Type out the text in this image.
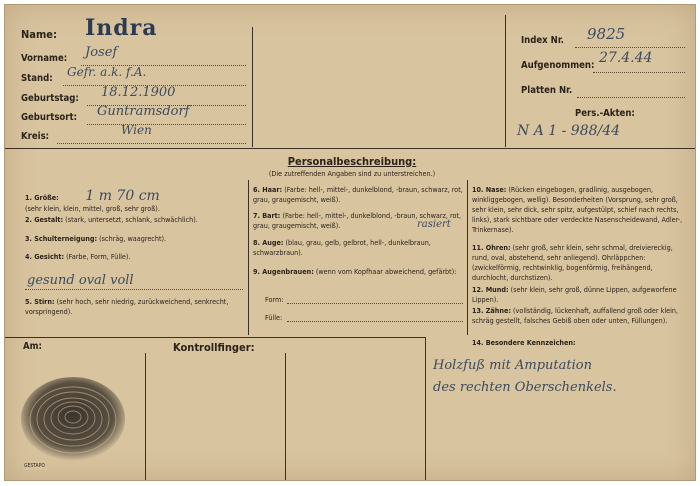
Name: Indra
Vorname: Josef
Stand: Gefr. a.k. f.A.
Geburtstag: 18.12.1900
Geburtsort: Guntramsdorf
Kreis:	Wien
Index Nr. 9825
Aufgenommen: 27.4.44
Platten Nr.
Pers.-Akten:
N A 1 - 988/44
Personalbeschreibung:
(Die zutreffenden Angaben sind zu unterstreichen.)
1. Größe: 1 m 70 cm
(sehr klein, klein, mittel, groß, sehr groß).
2. Gestalt: (stark, untersetzt, schlank, schwächlich).
3. Schulterneigung: (schräg, waagrecht).
4. Gesicht: (Farbe, Form, Fülle).
gesund oval voll
5. Stirn: (sehr hoch, sehr niedrig, zurückweichend, senkrecht, vorspringend).
6. Haar: (Farbe: hell-, mittel-, dunkelblond, -braun, schwarz, rot, grau, graugemischt, weiß).
7. Bart: (Farbe: hell-, mittel-, dunkelblond, -braun, schwarz, rot, grau, graugemischt, weiß).	rasiert
8. Auge: (blau, grau, gelb, gelbrot, hell-, dunkelbraun, schwarzbraun).
9. Augenbrauen: (wenn vom Kopfhaar abweichend, gefärbt):
Form:
Fülle:
10. Nase: (Rücken eingebogen, gradlinig, ausgebogen, winkliggebogen, wellig). Besonderheiten (Vorsprung, sehr groß, sehr klein, sehr dick, sehr spitz, aufgestülpt, schief nach rechts, links), stark sichtbare oder verdeckte Nasenscheidewand, Adler-, Trinkernase).
11. Ohren: (sehr groß, sehr klein, sehr schmal, dreiviereckig, rund, oval, abstehend, sehr anliegend). Ohrläppchen: (zwickelförmig, rechtwinklig, bogenförmig, freihängend, durchlocht, durchstizen).
12. Mund: (sehr klein, sehr groß, dünne Lippen, aufgeworfene Lippen).
13. Zähne: (vollständig, lückenhaft, auffallend groß oder klein, schräg gestellt, falsches Gebiß oben oder unten, Füllungen).
14. Besondere Kennzeichen:
Holzfuß mit Amputation
des rechten Oberschenkels.
Am:	Kontrollfinger:
GESTAPO
